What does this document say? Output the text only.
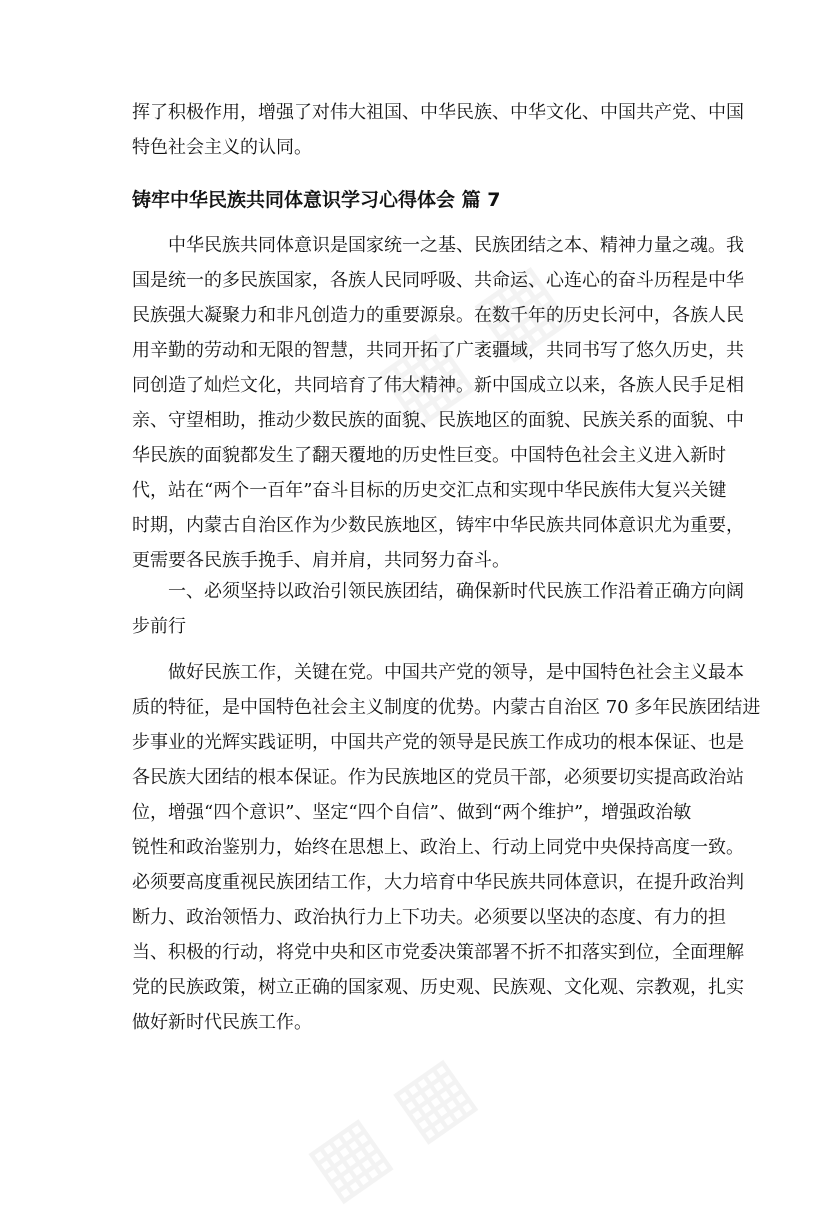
挥了积极作用，增强了对伟大祖国、中华民族、中华文化、中国共产党、中国
特色社会主义的认同。

铸牢中华民族共同体意识学习心得体会 篇 7

中华民族共同体意识是国家统一之基、民族团结之本、精神力量之魂。我
国是统一的多民族国家，各族人民同呼吸、共命运、心连心的奋斗历程是中华
民族强大凝聚力和非凡创造力的重要源泉。在数千年的历史长河中，各族人民
用辛勤的劳动和无限的智慧，共同开拓了广袤疆域，共同书写了悠久历史，共
同创造了灿烂文化，共同培育了伟大精神。新中国成立以来，各族人民手足相
亲、守望相助，推动少数民族的面貌、民族地区的面貌、民族关系的面貌、中
华民族的面貌都发生了翻天覆地的历史性巨变。中国特色社会主义进入新时
代，站在“两个一百年”奋斗目标的历史交汇点和实现中华民族伟大复兴关键
时期，内蒙古自治区作为少数民族地区，铸牢中华民族共同体意识尤为重要，
更需要各民族手挽手、肩并肩，共同努力奋斗。

一、必须坚持以政治引领民族团结，确保新时代民族工作沿着正确方向阔
步前行

做好民族工作，关键在党。中国共产党的领导，是中国特色社会主义最本
质的特征，是中国特色社会主义制度的优势。内蒙古自治区 70 多年民族团结进
步事业的光辉实践证明，中国共产党的领导是民族工作成功的根本保证、也是
各民族大团结的根本保证。作为民族地区的党员干部，必须要切实提高政治站
位，增强“四个意识”、坚定“四个自信”、做到“两个维护”，增强政治敏
锐性和政治鉴别力，始终在思想上、政治上、行动上同党中央保持高度一致。
必须要高度重视民族团结工作，大力培育中华民族共同体意识，在提升政治判
断力、政治领悟力、政治执行力上下功夫。必须要以坚决的态度、有力的担
当、积极的行动，将党中央和区市党委决策部署不折不扣落实到位，全面理解
党的民族政策，树立正确的国家观、历史观、民族观、文化观、宗教观，扎实
做好新时代民族工作。
